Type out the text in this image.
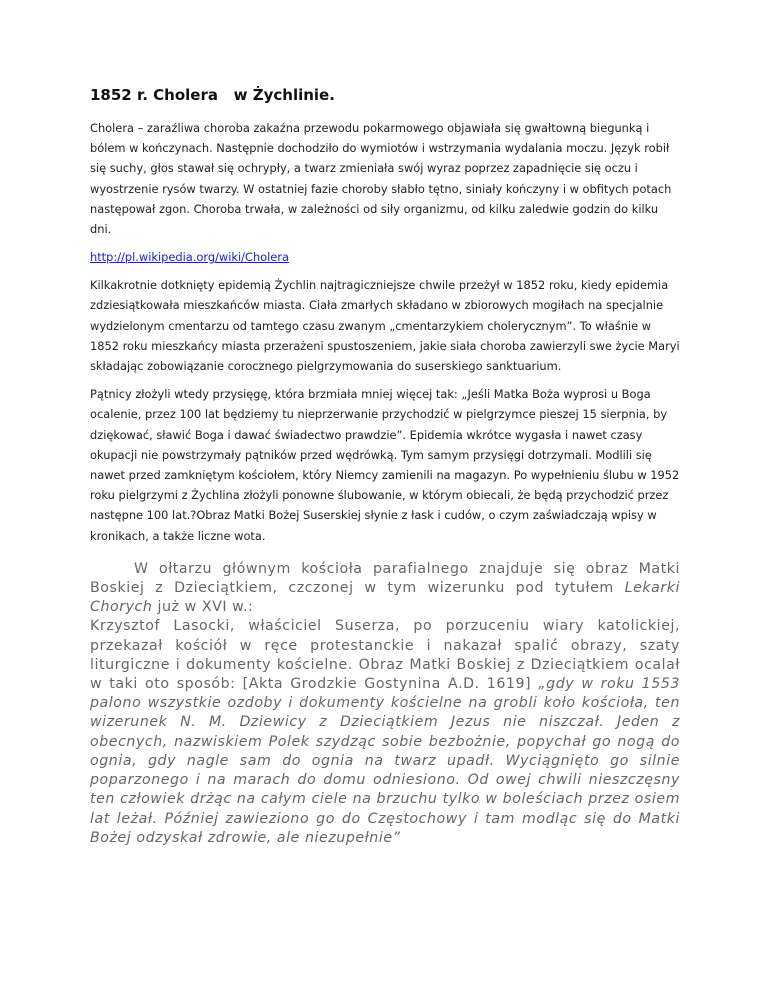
1852 r. Cholera   w Żychlinie.

Cholera – zaraźliwa choroba zakaźna przewodu pokarmowego objawiała się gwałtowną biegunką i bólem w kończynach. Następnie dochodziło do wymiotów i wstrzymania wydalania moczu. Język robił się suchy, głos stawał się ochrypły, a twarz zmieniała swój wyraz poprzez zapadnięcie się oczu i wyostrzenie rysów twarzy. W ostatniej fazie choroby słabło tętno, siniały kończyny i w obfitych potach następował zgon. Choroba trwała, w zależności od siły organizmu, od kilku zaledwie godzin do kilku dni.

http://pl.wikipedia.org/wiki/Cholera

Kilkakrotnie dotknięty epidemią Żychlin najtragiczniejsze chwile przeżył w 1852 roku, kiedy epidemia zdziesiątkowała mieszkańców miasta. Ciała zmarłych składano w zbiorowych mogiłach na specjalnie wydzielonym cmentarzu od tamtego czasu zwanym „cmentarzykiem cholerycznym”. To właśnie w 1852 roku mieszkańcy miasta przerażeni spustoszeniem, jakie siała choroba zawierzyli swe życie Maryi składając zobowiązanie corocznego pielgrzymowania do suserskiego sanktuarium.

Pątnicy złożyli wtedy przysięgę, która brzmiała mniej więcej tak: „Jeśli Matka Boża wyprosi u Boga ocalenie, przez 100 lat będziemy tu nieprzerwanie przychodzić w pielgrzymce pieszej 15 sierpnia, by dziękować, sławić Boga i dawać świadectwo prawdzie”. Epidemia wkrótce wygasła i nawet czasy okupacji nie powstrzymały pątników przed wędrówką. Tym samym przysięgi dotrzymali. Modlili się nawet przed zamkniętym kościołem, który Niemcy zamienili na magazyn. Po wypełnieniu ślubu w 1952 roku pielgrzymi z Żychlina złożyli ponowne ślubowanie, w którym obiecali, że będą przychodzić przez następne 100 lat.?Obraz Matki Bożej Suserskiej słynie z łask i cudów, o czym zaświadczają wpisy w kronikach, a także liczne wota.

W ołtarzu głównym kościoła parafialnego znajduje się obraz Matki Boskiej z Dzieciątkiem, czczonej w tym wizerunku pod tytułem Lekarki Chorych już w XVI w.:
Krzysztof Lasocki, właściciel Suserza, po porzuceniu wiary katolickiej, przekazał kościół w ręce protestanckie i nakazał spalić obrazy, szaty liturgiczne i dokumenty kościelne. Obraz Matki Boskiej z Dzieciątkiem ocalał w taki oto sposób: [Akta Grodzkie Gostynina A.D. 1619] „gdy w roku 1553 palono wszystkie ozdoby i dokumenty kościelne na grobli koło kościoła, ten wizerunek N. M. Dziewicy z Dzieciątkiem Jezus nie niszczał. Jeden z obecnych, nazwiskiem Polek szydząc sobie bezbożnie, popychał go nogą do ognia, gdy nagle sam do ognia na twarz upadł. Wyciągnięto go silnie poparzonego i na marach do domu odniesiono. Od owej chwili nieszczęsny ten człowiek drżąc na całym ciele na brzuchu tylko w boleściach przez osiem lat leżał. Później zawieziono go do Częstochowy i tam modląc się do Matki Bożej odzyskał zdrowie, ale niezupełnie”
